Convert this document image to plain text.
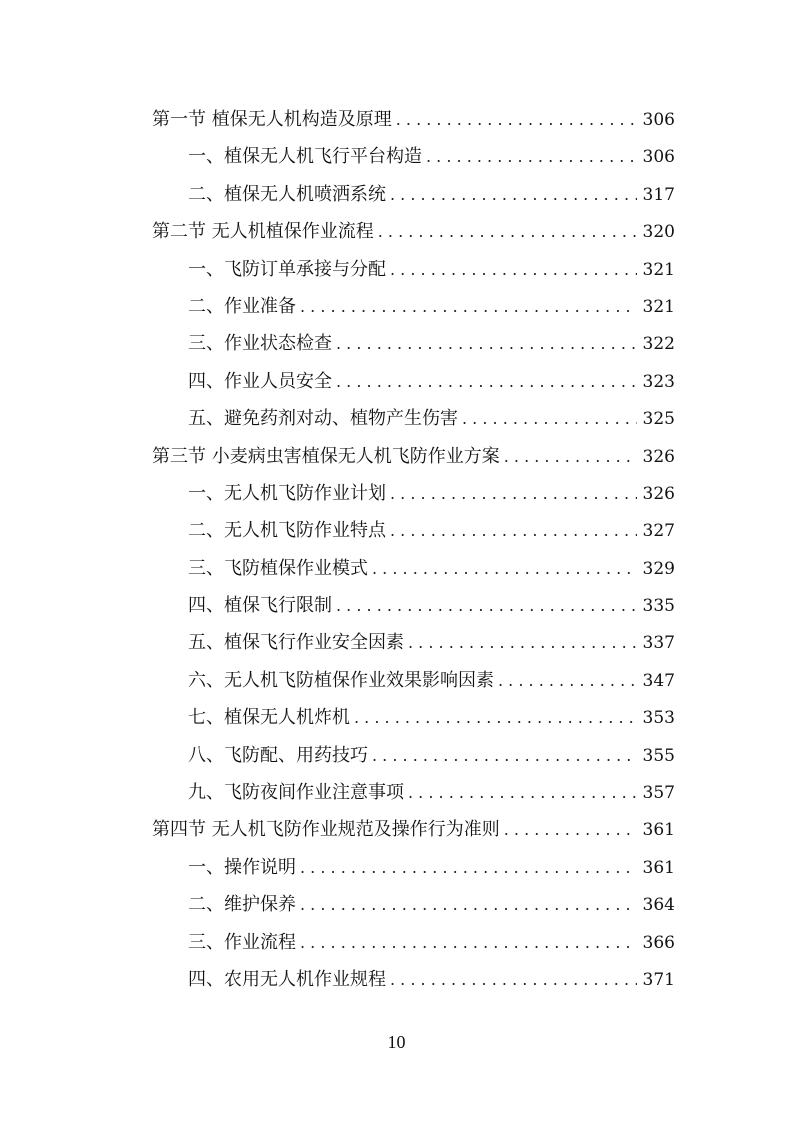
第一节 植保无人机构造及原理 . . .	306
一、植保无人机飞行平台构造 . . .	306
二、植保无人机喷洒系统 . . .	317
第二节 无人机植保作业流程 . . .	320
一、飞防订单承接与分配 . . .	321
二、作业准备 . . .	321
三、作业状态检查 . . .	322
四、作业人员安全 . . .	323
五、避免药剂对动、植物产生伤害 . . .	325
第三节 小麦病虫害植保无人机飞防作业方案 . . .	326
一、无人机飞防作业计划 . . .	326
二、无人机飞防作业特点 . . .	327
三、飞防植保作业模式 . . .	329
四、植保飞行限制 . . .	335
五、植保飞行作业安全因素 . . .	337
六、无人机飞防植保作业效果影响因素 . . .	347
七、植保无人机炸机 . . .	353
八、飞防配、用药技巧 . . .	355
九、飞防夜间作业注意事项 . . .	357
第四节 无人机飞防作业规范及操作行为准则 . . .	361
一、操作说明 . . .	361
二、维护保养 . . .	364
三、作业流程 . . .	366
四、农用无人机作业规程 . . .	371
10
